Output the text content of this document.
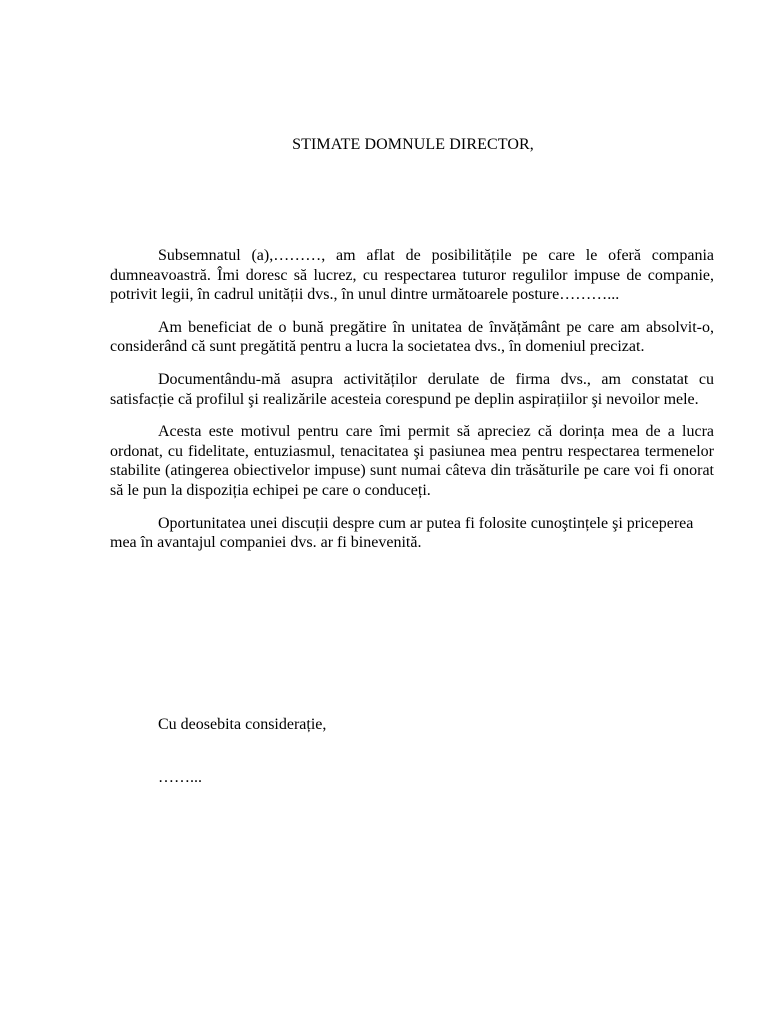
STIMATE DOMNULE DIRECTOR,

Subsemnatul (a),………, am aflat de posibilitățile pe care le oferă compania dumneavoastră. Îmi doresc să lucrez, cu respectarea tuturor regulilor impuse de companie, potrivit legii, în cadrul unității dvs., în unul dintre următoarele posture………...

Am beneficiat de o bună pregătire în unitatea de învățământ pe care am absolvit-o, considerând că sunt pregătită pentru a lucra la societatea dvs., în domeniul precizat.

Documentându-mă asupra activităților derulate de firma dvs., am constatat cu satisfacție că profilul şi realizările acesteia corespund pe deplin aspirațiilor şi nevoilor mele.

Acesta este motivul pentru care îmi permit să apreciez că dorința mea de a lucra ordonat, cu fidelitate, entuziasmul, tenacitatea şi pasiunea mea pentru respectarea termenelor stabilite (atingerea obiectivelor impuse) sunt numai câteva din trăsăturile pe care voi fi onorat să le pun la dispoziția echipei pe care o conduceți.

Oportunitatea unei discuții despre cum ar putea fi folosite cunoştințele şi priceperea mea în avantajul companiei dvs. ar fi binevenită.

Cu deosebita considerație,
……...
